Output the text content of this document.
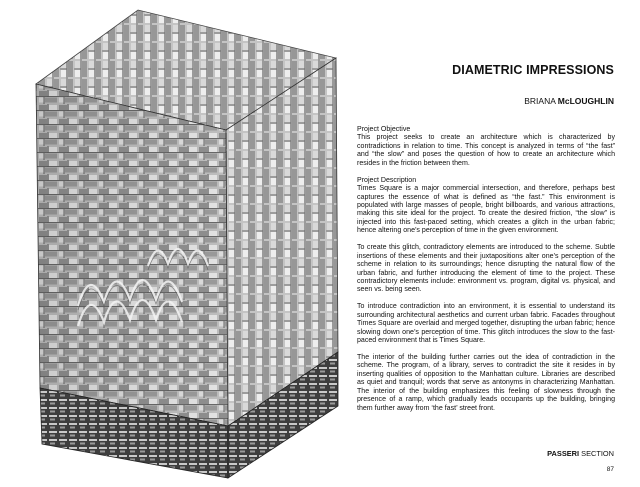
DIAMETRIC IMPRESSIONS
BRIANA McLOUGHLIN
Project Objective

This project seeks to create an architecture which is characterized by contradictions in relation to time. This concept is analyzed in terms of “the fast” and “the slow” and poses the question of how to create an architecture which resides in the friction between them.

Project Description

Times Square is a major commercial intersection, and therefore, perhaps best captures the essence of what is defined as “the fast.” This environment is populated with large masses of people, bright billboards, and various attractions, making this site ideal for the project. To create the desired friction, “the slow” is injected into this fast-paced setting, which creates a glitch in the urban fabric; hence altering one’s perception of time in the given environment.

To create this glitch, contradictory elements are introduced to the scheme. Subtle insertions of these elements and their juxtapositions alter one’s perception of the scheme in relation to its surroundings; hence disrupting the natural flow of the urban fabric, and further introducing the element of time to the project. These contradictory elements include: environment vs. program, digital vs. physical, and seen vs. being seen.

To introduce contradiction into an environment, it is essential to understand its surrounding architectural aesthetics and current urban fabric. Facades throughout Times Square are overlaid and merged together, disrupting the urban fabric; hence slowing down one’s perception of time. This glitch introduces the slow to the fast-paced environment that is Times Square.

The interior of the building further carries out the idea of contradiction in the scheme. The program, of a library, serves to contradict the site it resides in by inserting qualities of opposition to the Manhattan culture. Libraries are described as quiet and tranquil; words that serve as antonyms in characterizing Manhattan. The interior of the building emphasizes this feeling of slowness through the presence of a ramp, which gradually leads occupants up the building, bringing them further away from ‘the fast’ street front.

PASSERI SECTION
87
